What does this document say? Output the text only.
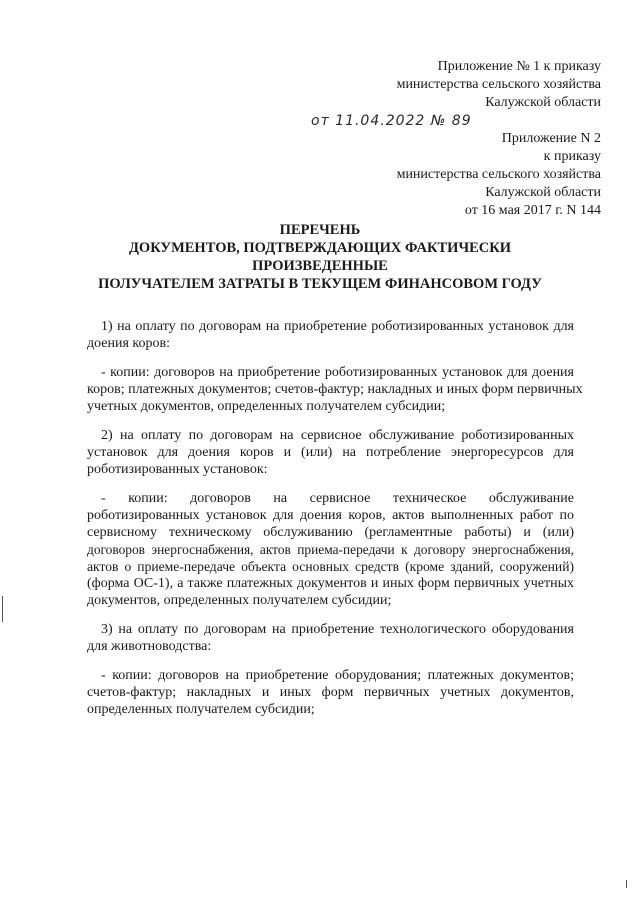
Приложение № 1 к приказу
министерства сельского хозяйства
Калужской области
от 11.04.2022 № 89
Приложение N 2
к приказу
министерства сельского хозяйства
Калужской области
от 16 мая 2017 г. N 144
ПЕРЕЧЕНЬ
ДОКУМЕНТОВ, ПОДТВЕРЖДАЮЩИХ ФАКТИЧЕСКИ
ПРОИЗВЕДЕННЫЕ
ПОЛУЧАТЕЛЕМ ЗАТРАТЫ В ТЕКУЩЕМ ФИНАНСОВОМ ГОДУ
1) на оплату по договорам на приобретение роботизированных установок для
доения коров:
- копии: договоров на приобретение роботизированных установок для доения
коров; платежных документов; счетов-фактур; накладных и иных форм первичных
учетных документов, определенных получателем субсидии;
2) на оплату по договорам на сервисное обслуживание роботизированных
установок для доения коров и (или) на потребление энергоресурсов для
роботизированных установок:
-      копии:      договоров      на      сервисное      техническое      обслуживание
роботизированных установок для доения коров, актов выполненных работ по
сервисному техническому обслуживанию (регламентные работы) и (или)
договоров энергоснабжения, актов приема-передачи к договору энергоснабжения,
актов о приеме-передаче объекта основных средств (кроме зданий, сооружений)
(форма ОС-1), а также платежных документов и иных форм первичных учетных
документов, определенных получателем субсидии;
3) на оплату по договорам на приобретение технологического оборудования
для животноводства:
- копии: договоров на приобретение оборудования; платежных документов;
счетов-фактур; накладных и иных форм первичных учетных документов,
определенных получателем субсидии;
